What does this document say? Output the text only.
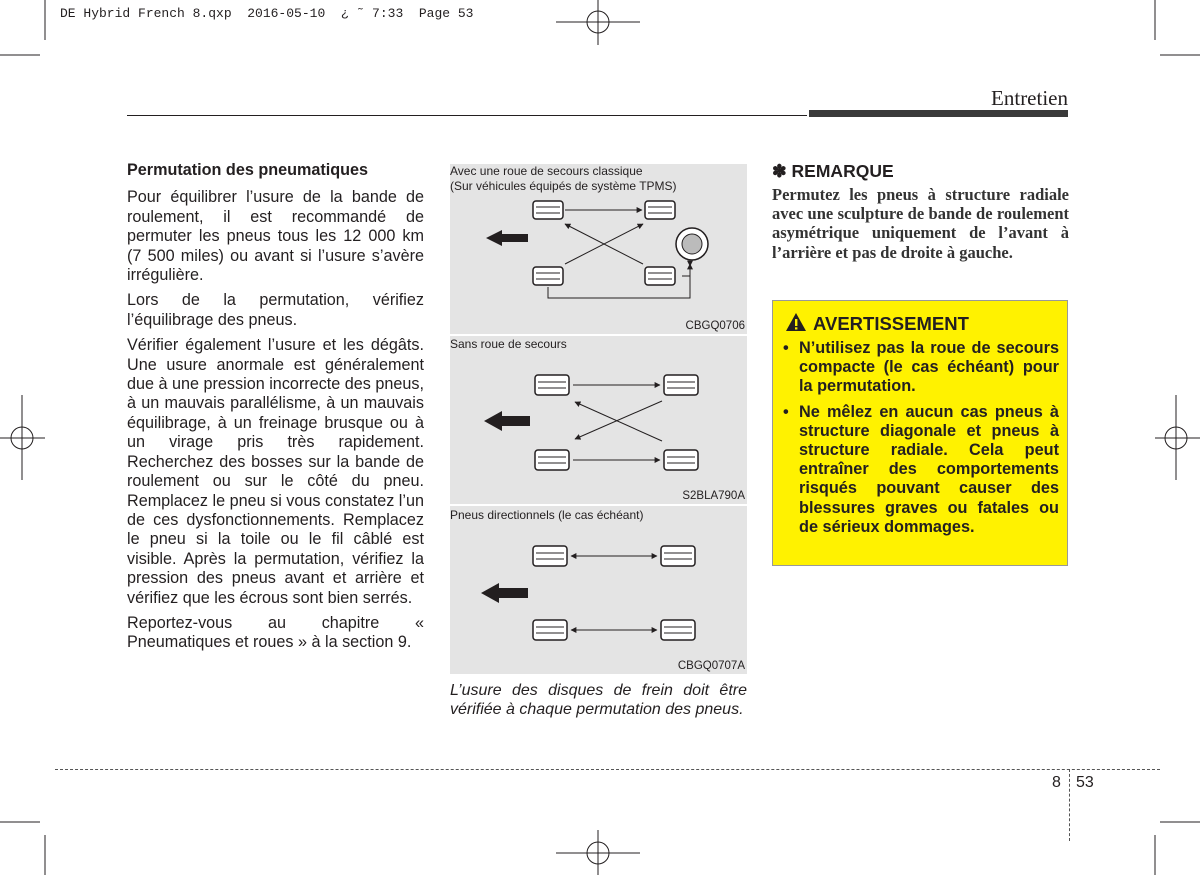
DE Hybrid French 8.qxp  2016-05-10  ¿ ˜ 7:33  Page 53
Entretien
Permutation des pneumatiques

Pour équilibrer l’usure de la bande de roulement, il est recommandé de permuter les pneus tous les 12 000 km (7 500 miles) ou avant si l’usure s’avère irrégulière.

Lors de la permutation, vérifiez l’équilibrage des pneus.

Vérifier également l’usure et les dégâts. Une usure anormale est généralement due à une pression incorrecte des pneus, à un mauvais parallélisme, à un mauvais équilibrage, à un freinage brusque ou à un virage pris très rapidement. Recherchez des bosses sur la bande de roulement ou sur le côté du pneu. Remplacez le pneu si vous constatez l’un de ces dysfonctionnements. Remplacez le pneu si la toile ou le fil câblé est visible. Après la permutation, vérifiez la pression des pneus avant et arrière et vérifiez que les écrous sont bien serrés.

Reportez-vous au chapitre « Pneumatiques et roues » à la section 9.

Avec une roue de secours classique
(Sur véhicules équipés de système TPMS)
CBGQ0706
Sans roue de secours
S2BLA790A
Pneus directionnels (le cas échéant)
CBGQ0707A
L’usure des disques de frein doit être vérifiée à chaque permutation des pneus.
✽ REMARQUE
Permutez les pneus à structure radiale avec une sculpture de bande de roulement asymétrique uniquement de l’avant à l’arrière et pas de droite à gauche.
AVERTISSEMENT
• N’utilisez pas la roue de secours compacte (le cas échéant) pour la permutation.
• Ne mêlez en aucun cas pneus à structure diagonale et pneus à structure radiale. Cela peut entraîner des comportements risqués pouvant causer des blessures graves ou fatales ou de sérieux dommages.
8 53
